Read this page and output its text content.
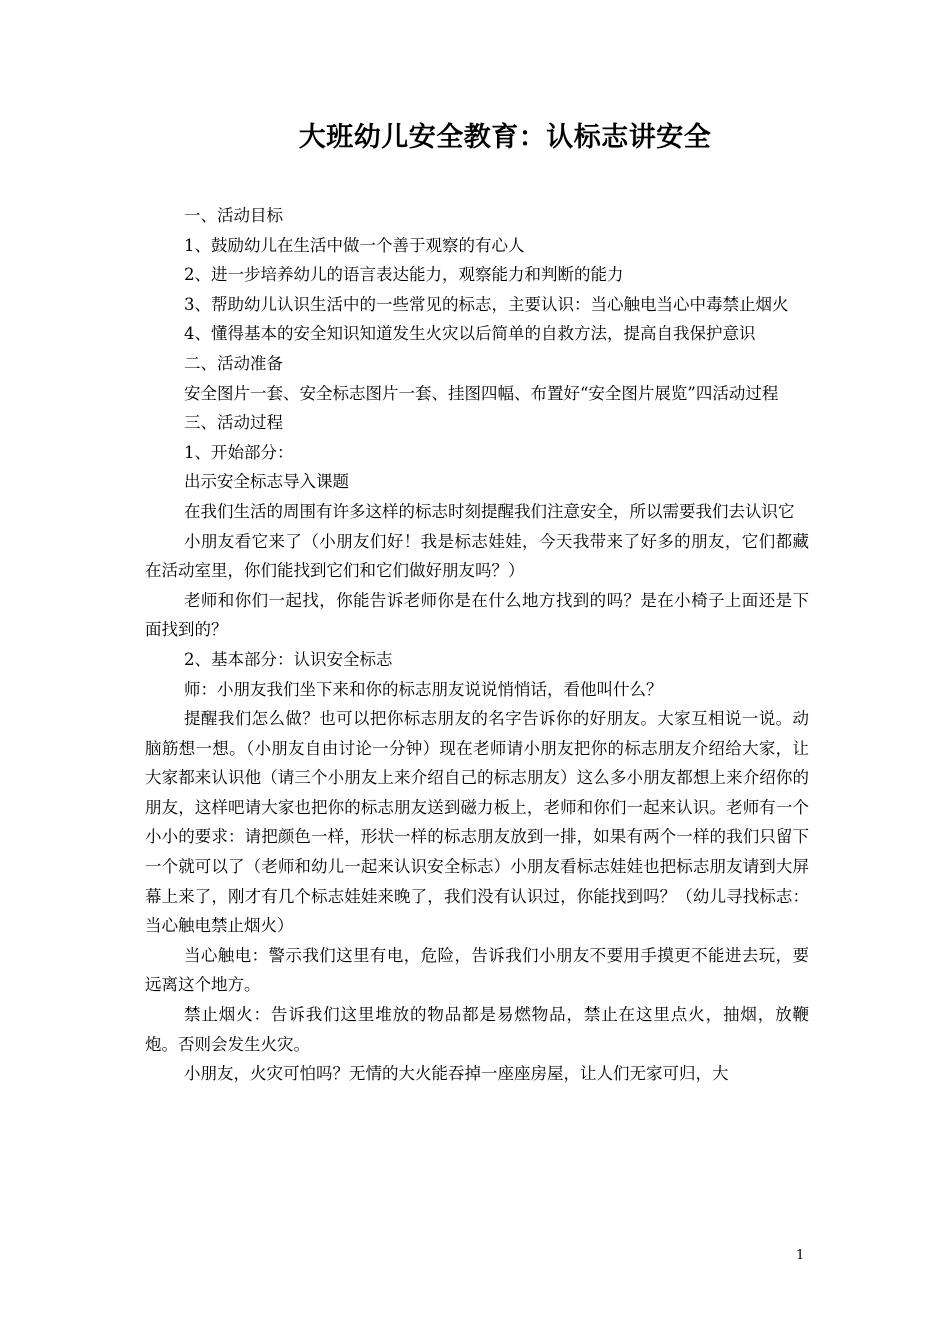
大班幼儿安全教育：认标志讲安全

一、活动目标

1、鼓励幼儿在生活中做一个善于观察的有心人

2、进一步培养幼儿的语言表达能力，观察能力和判断的能力

3、帮助幼儿认识生活中的一些常见的标志，主要认识：当心触电当心中毒禁止烟火

4、懂得基本的安全知识知道发生火灾以后简单的自救方法，提高自我保护意识

二、活动准备

安全图片一套、安全标志图片一套、挂图四幅、布置好“安全图片展览”四活动过程

三、活动过程

1、开始部分：

出示安全标志导入课题

在我们生活的周围有许多这样的标志时刻提醒我们注意安全，所以需要我们去认识它

小朋友看它来了（小朋友们好！我是标志娃娃，今天我带来了好多的朋友，它们都藏在活动室里，你们能找到它们和它们做好朋友吗？）

老师和你们一起找，你能告诉老师你是在什么地方找到的吗？是在小椅子上面还是下面找到的？

2、基本部分：认识安全标志

师：小朋友我们坐下来和你的标志朋友说说悄悄话，看他叫什么？

提醒我们怎么做？也可以把你标志朋友的名字告诉你的好朋友。大家互相说一说。动脑筋想一想。（小朋友自由讨论一分钟）现在老师请小朋友把你的标志朋友介绍给大家，让大家都来认识他（请三个小朋友上来介绍自己的标志朋友）这么多小朋友都想上来介绍你的朋友，这样吧请大家也把你的标志朋友送到磁力板上，老师和你们一起来认识。老师有一个小小的要求：请把颜色一样，形状一样的标志朋友放到一排，如果有两个一样的我们只留下一个就可以了（老师和幼儿一起来认识安全标志）小朋友看标志娃娃也把标志朋友请到大屏幕上来了，刚才有几个标志娃娃来晚了，我们没有认识过，你能找到吗？（幼儿寻找标志：当心触电禁止烟火）

当心触电：警示我们这里有电，危险，告诉我们小朋友不要用手摸更不能进去玩，要远离这个地方。

禁止烟火：告诉我们这里堆放的物品都是易燃物品，禁止在这里点火，抽烟，放鞭炮。否则会发生火灾。

小朋友，火灾可怕吗？无情的大火能吞掉一座座房屋，让人们无家可归，大

1
